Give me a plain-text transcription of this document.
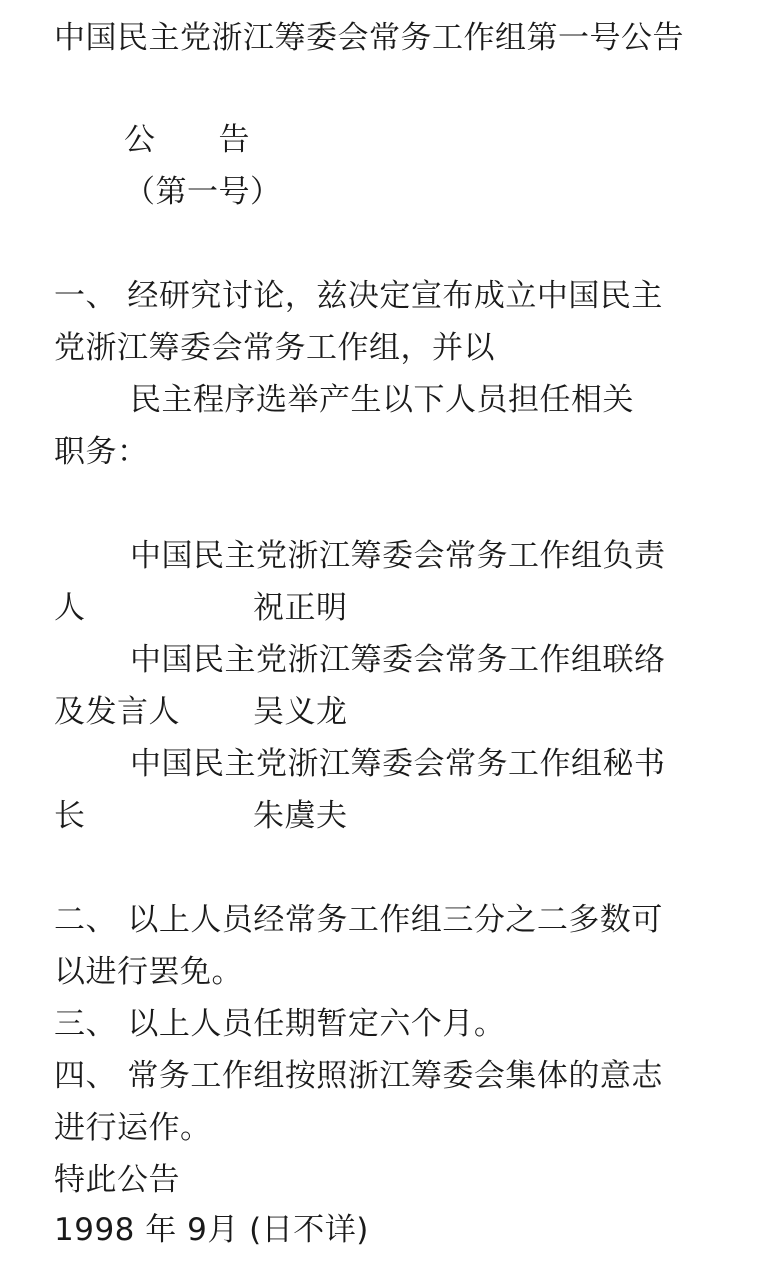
中国民主党浙江筹委会常务工作组第一号公告
公　　告
（第一号）
一、 经研究讨论，兹决定宣布成立中国民主
党浙江筹委会常务工作组，并以
民主程序选举产生以下人员担任相关
职务：
中国民主党浙江筹委会常务工作组负责
人	祝正明
中国民主党浙江筹委会常务工作组联络
及发言人 吴义龙
中国民主党浙江筹委会常务工作组秘书
长	朱虞夫
二、 以上人员经常务工作组三分之二多数可
以进行罢免。
三、 以上人员任期暂定六个月。
四、 常务工作组按照浙江筹委会集体的意志
进行运作。
特此公告
1998 年 9月 (日不详)
